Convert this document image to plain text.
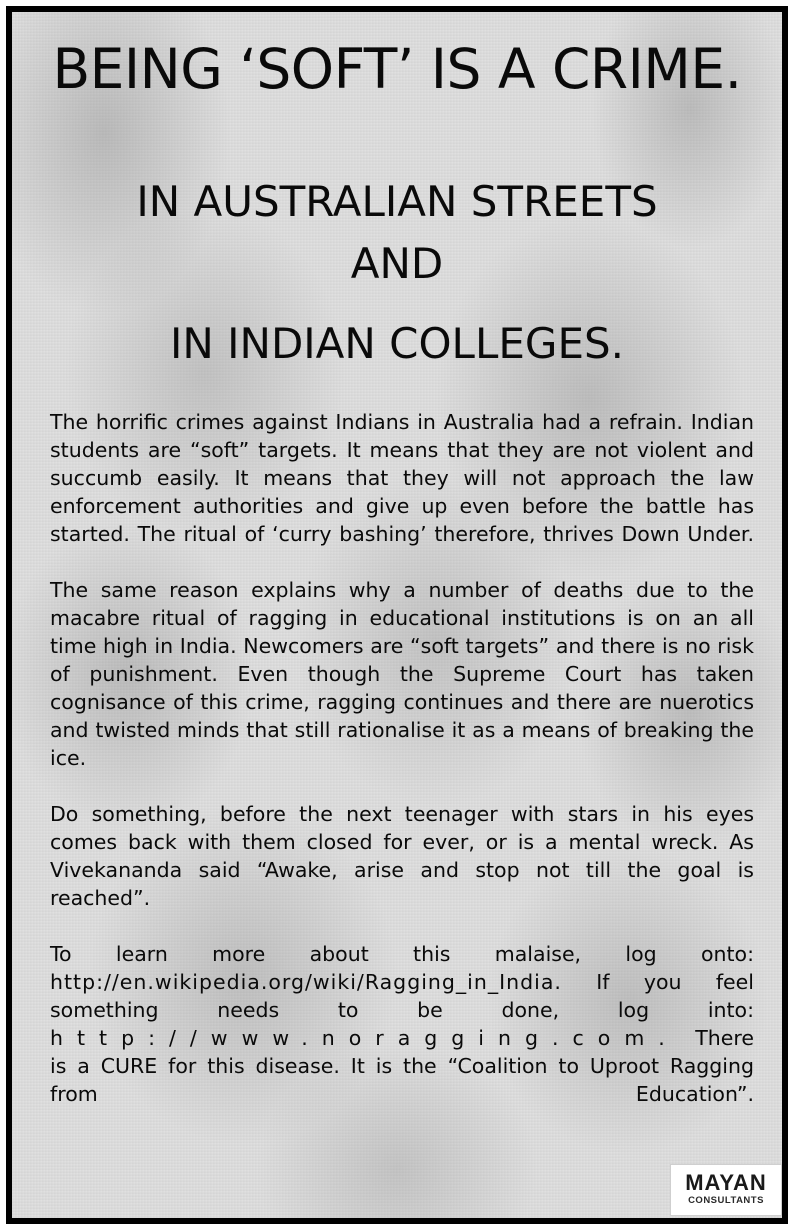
BEING ‘SOFT’ IS A CRIME.
IN AUSTRALIAN STREETS
AND
IN INDIAN COLLEGES.

The horrific crimes against Indians in Australia had a refrain. Indian students are “soft” targets. It means that they are not violent and succumb easily. It means that they will not approach the law enforcement authorities and give up even before the battle has started. The ritual of ‘curry bashing’ therefore, thrives Down Under.

The same reason explains why a number of deaths due to the macabre ritual of ragging in educational institutions is on an all time high in India. Newcomers are “soft targets” and there is no risk of punishment. Even though the Supreme Court has taken cognisance of this crime, ragging continues and there are nuerotics and twisted minds that still rationalise it as a means of breaking the ice.

Do something, before the next teenager with stars in his eyes comes back with them closed for ever, or is a mental wreck. As Vivekananda said “Awake, arise and stop not till the goal is reached”.

To learn more about this malaise, log onto: http://en.wikipedia.org/wiki/Ragging_in_India. If you feel something needs to be done, log into: http://www.noragging.com. There is a CURE for this disease. It is the “Coalition to Uproot Ragging from Education”.

MAYAN
CONSULTANTS
